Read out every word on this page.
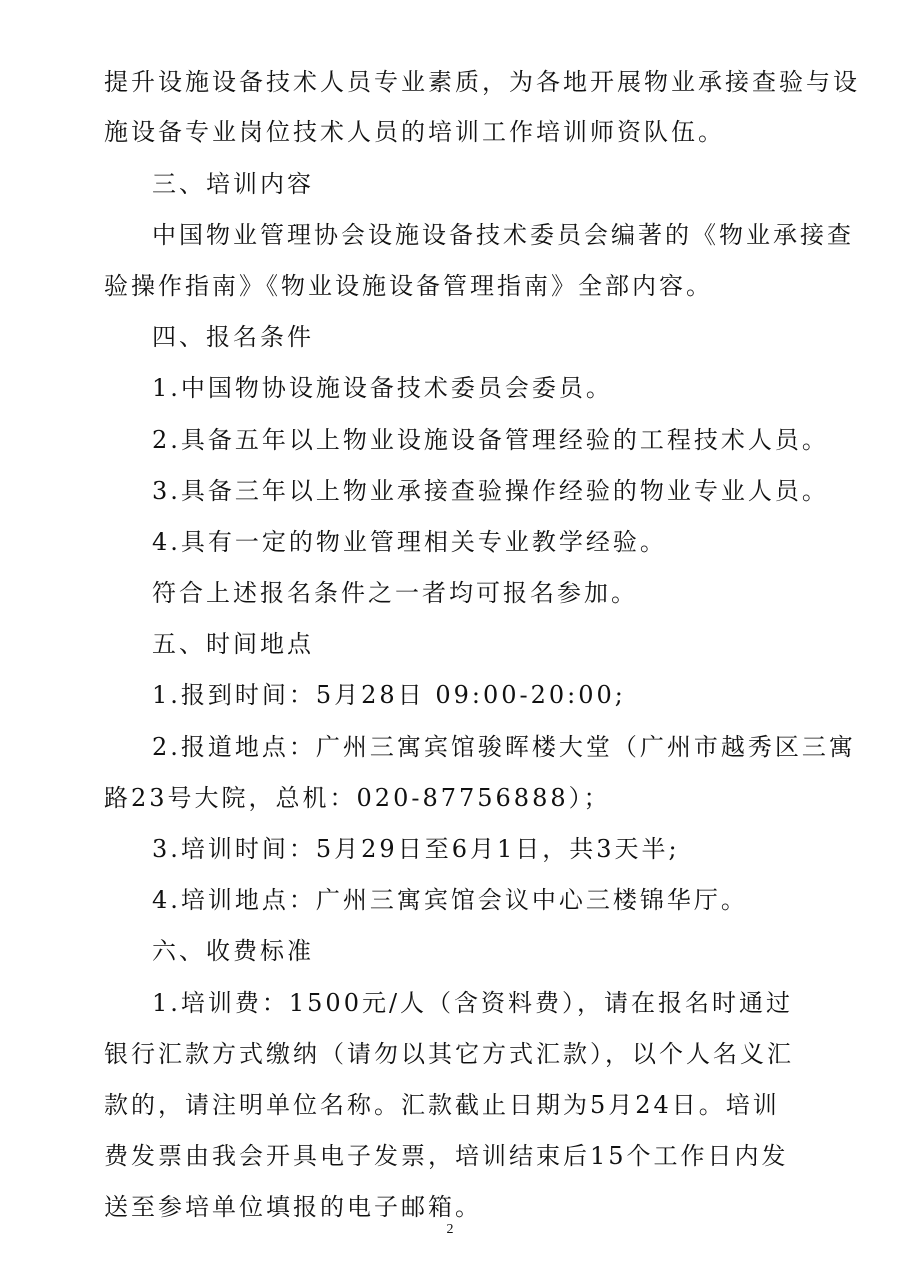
提升设施设备技术人员专业素质，为各地开展物业承接查验与设
施设备专业岗位技术人员的培训工作培训师资队伍。
三、培训内容
中国物业管理协会设施设备技术委员会编著的《物业承接查
验操作指南》《物业设施设备管理指南》全部内容。
四、报名条件
1.中国物协设施设备技术委员会委员。
2.具备五年以上物业设施设备管理经验的工程技术人员。
3.具备三年以上物业承接查验操作经验的物业专业人员。
4.具有一定的物业管理相关专业教学经验。
符合上述报名条件之一者均可报名参加。
五、时间地点
1.报到时间：5月28日 09:00-20:00;
2.报道地点：广州三寓宾馆骏晖楼大堂（广州市越秀区三寓
路23号大院，总机：020-87756888）；
3.培训时间：5月29日至6月1日，共3天半;
4.培训地点：广州三寓宾馆会议中心三楼锦华厅。
六、收费标准
1.培训费：1500元/人（含资料费），请在报名时通过
银行汇款方式缴纳（请勿以其它方式汇款），以个人名义汇
款的，请注明单位名称。汇款截止日期为5月24日。培训
费发票由我会开具电子发票，培训结束后15个工作日内发
送至参培单位填报的电子邮箱。
2
